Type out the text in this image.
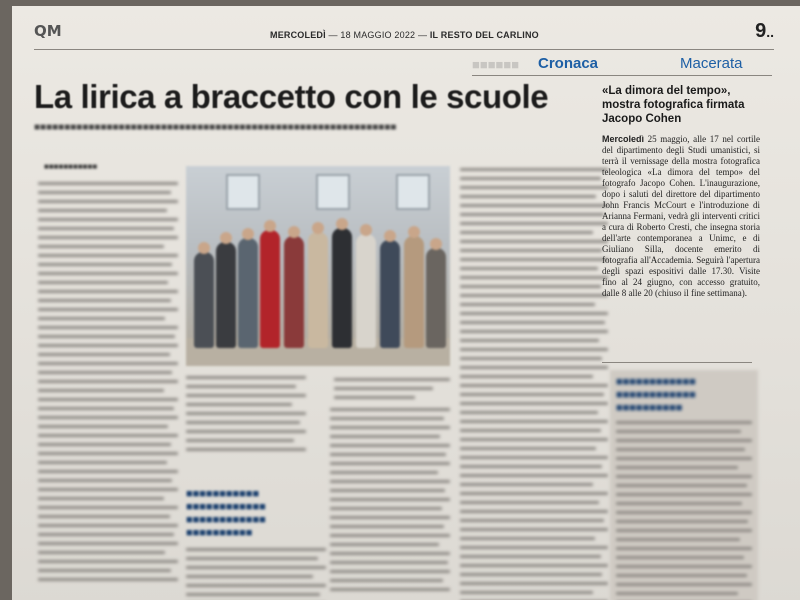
QM	MERCOLEDÌ — 18 MAGGIO 2022 — IL RESTO DEL CARLINO	9..
■■■■■■ Cronaca	Macerata
La lirica a braccetto con le scuole
■■■■■■■■■■■■■■■■■■■■■■■■■■■■■■■■■■■■■■■■■■■■■■■■■■■■■■■■■■■■
■■■■■■■■■■■
■■■■■■■■■■■
■■■■■■■■■■■■
■■■■■■■■■■■■
■■■■■■■■■■
«La dimora del tempo», mostra fotografica firmata Jacopo Cohen
Mercoledì 25 maggio, alle 17 nel cortile del dipartimento degli Studi umanistici, si terrà il vernissage della mostra fotografica teleologica «La dimora del tempo» del fotografo Jacopo Cohen. L'inaugurazione, dopo i saluti del direttore del dipartimento John Francis McCourt e l'introduzione di Arianna Fermani, vedrà gli interventi critici a cura di Roberto Cresti, che insegna storia dell'arte contemporanea a Unimc, e di Giuliano Silla, docente emerito di fotografia all'Accademia. Seguirà l'apertura degli spazi espositivi dalle 17.30. Visite fino al 24 giugno, con accesso gratuito, dalle 8 alle 20 (chiuso il fine settimana).
■■■■■■■■■■■■
■■■■■■■■■■■■
■■■■■■■■■■
